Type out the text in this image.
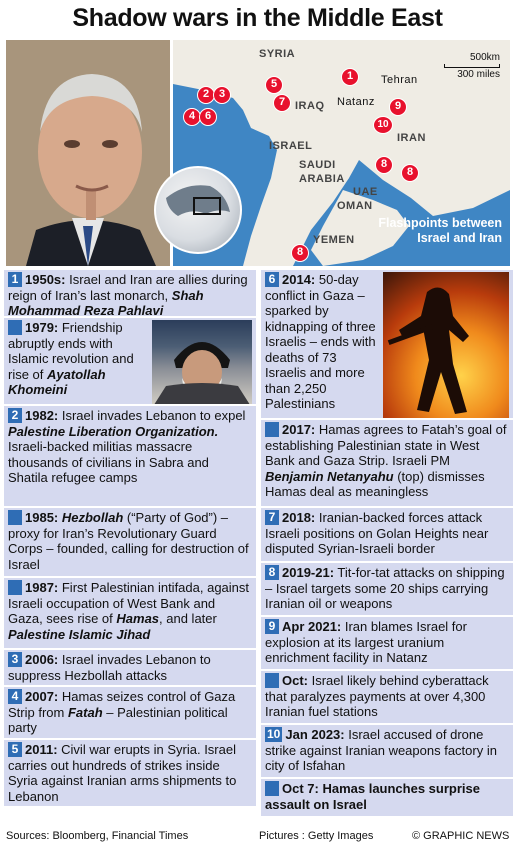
Shadow wars in the Middle East
SYRIA
IRAQ
ISRAEL
SAUDI ARABIA
IRAN
UAE
OMAN
YEMEN
Tehran
Natanz
1
2 3
4
5
6
7
8
8
8
9
10
500km
300 miles
Flashpoints between Israel and Iran
1 1950s: Israel and Iran are allies during reign of Iran’s last monarch, Shah Mohammad Reza Pahlavi
1979: Friendship abruptly ends with Islamic revolution and rise of Ayatollah Khomeini
2 1982: Israel invades Lebanon to expel Palestine Liberation Organization. Israeli-backed militias massacre thousands of civilians in Sabra and Shatila refugee camps
1985: Hezbollah (“Party of God”) – proxy for Iran’s Revolutionary Guard Corps – founded, calling for destruction of Israel
1987: First Palestinian intifada, against Israeli occupation of West Bank and Gaza, sees rise of Hamas, and later Palestine Islamic Jihad
3 2006: Israel invades Lebanon to suppress Hezbollah attacks
4 2007: Hamas seizes control of Gaza Strip from Fatah – Palestinian political party
5 2011: Civil war erupts in Syria. Israel carries out hundreds of strikes inside Syria against Iranian arms shipments to Lebanon
6 2014: 50-day conflict in Gaza – sparked by kidnapping of three Israelis – ends with deaths of 73 Israelis and more than 2,250 Palestinians
2017: Hamas agrees to Fatah’s goal of establishing Palestinian state in West Bank and Gaza Strip. Israeli PM Benjamin Netanyahu (top) dismisses Hamas deal as meaningless
7 2018: Iranian-backed forces attack Israeli positions on Golan Heights near disputed Syrian-Israeli border
8 2019-21: Tit-for-tat attacks on shipping – Israel targets some 20 ships carrying Iranian oil or weapons
9 Apr 2021: Iran blames Israel for explosion at its largest uranium enrichment facility in Natanz
Oct: Israel likely behind cyberattack that paralyzes payments at over 4,300 Iranian fuel stations
10 Jan 2023: Israel accused of drone strike against Iranian weapons factory in city of Isfahan
Oct 7: Hamas launches surprise assault on Israel
Sources: Bloomberg, Financial Times	Pictures : Getty Images	© GRAPHIC NEWS
